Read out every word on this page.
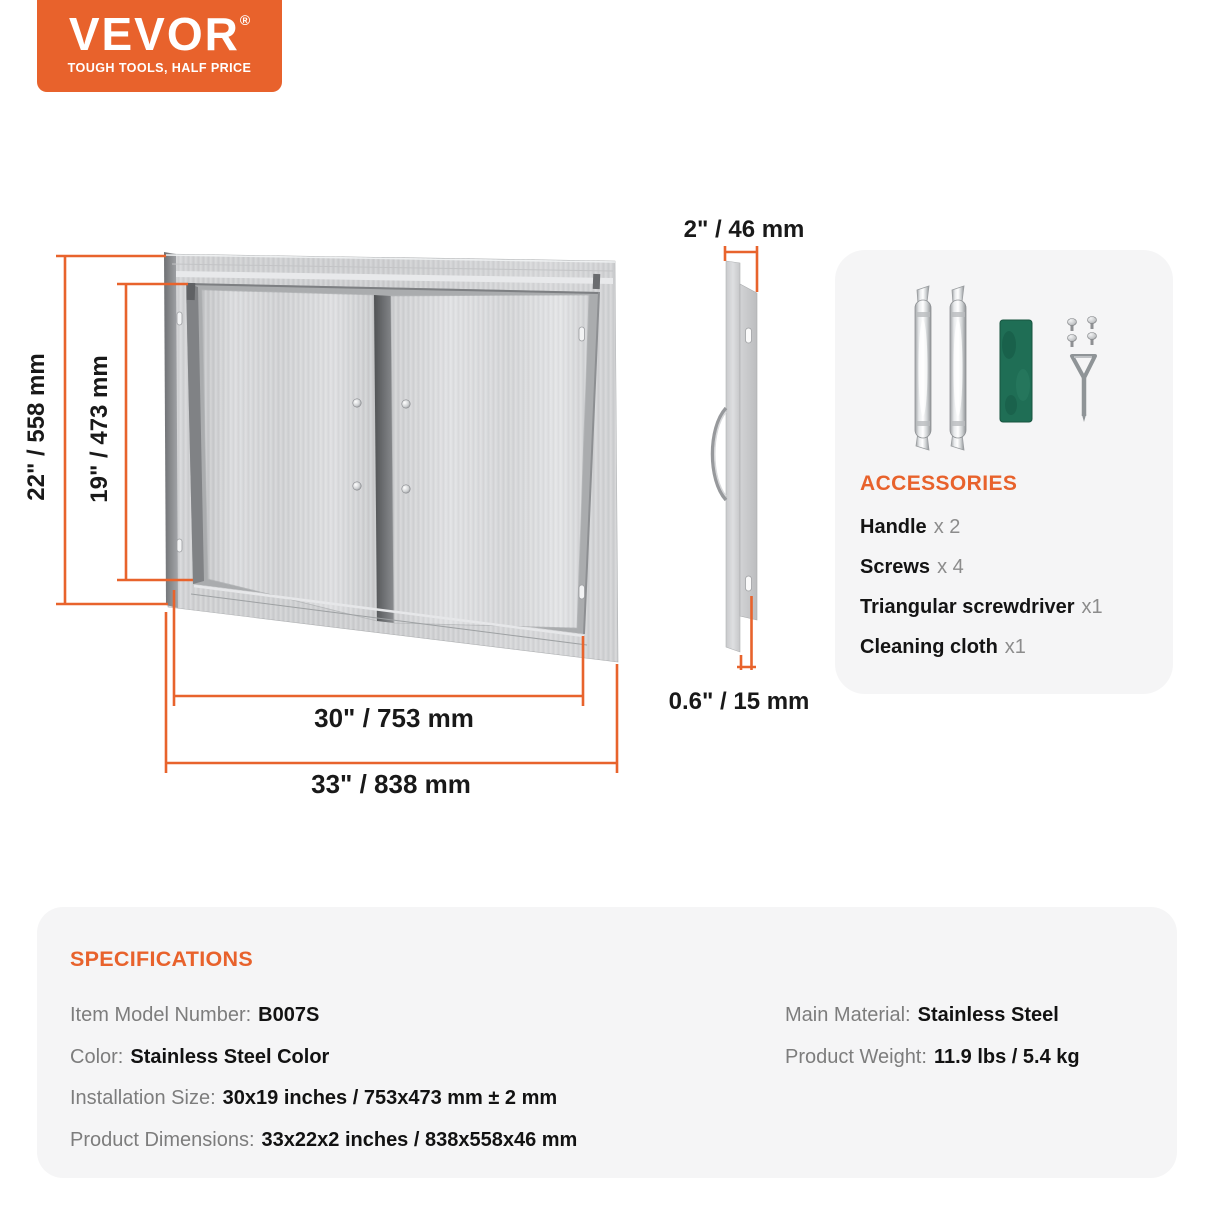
VEVOR®
TOUGH TOOLS, HALF PRICE
22" / 558 mm 19" / 473 mm
30" / 753 mm
33" / 838 mm
2" / 46 mm
0.6" / 15 mm
ACCESSORIES
Handle x 2
Screws x 4
Triangular screwdriver x1
Cleaning cloth x1
SPECIFICATIONS
Item Model Number: B007S
Color: Stainless Steel Color
Installation Size: 30x19 inches / 753x473 mm ± 2 mm
Product Dimensions: 33x22x2 inches / 838x558x46 mm
Main Material: Stainless Steel
Product Weight: 11.9 lbs / 5.4 kg
